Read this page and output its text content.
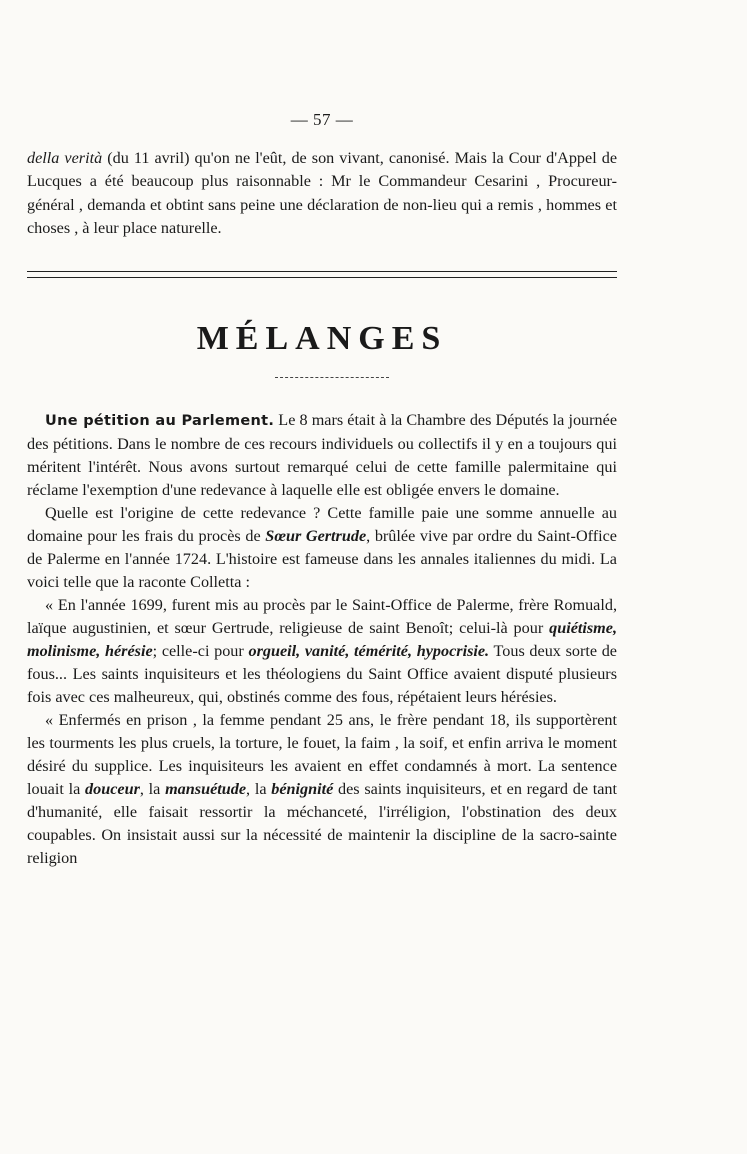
— 57 —
della verità (du 11 avril) qu'on ne l'eût, de son vivant, canonisé. Mais la Cour d'Appel de Lucques a été beaucoup plus raisonnable : Mr le Commandeur Cesarini , Procureur-général , demanda et obtint sans peine une déclaration de non-lieu qui a remis , hommes et choses , à leur place naturelle.
MÉLANGES

Une pétition au Parlement. Le 8 mars était à la Chambre des Députés la journée des pétitions. Dans le nombre de ces recours individuels ou collectifs il y en a toujours qui méritent l'intérêt. Nous avons surtout remarqué celui de cette famille palermitaine qui réclame l'exemption d'une redevance à laquelle elle est obligée envers le domaine.

Quelle est l'origine de cette redevance ? Cette famille paie une somme annuelle au domaine pour les frais du procès de Sœur Gertrude, brûlée vive par ordre du Saint-Office de Palerme en l'année 1724. L'histoire est fameuse dans les annales italiennes du midi. La voici telle que la raconte Colletta :

« En l'année 1699, furent mis au procès par le Saint-Office de Palerme, frère Romuald, laïque augustinien, et sœur Gertrude, religieuse de saint Benoît; celui-là pour quiétisme, molinisme, hérésie; celle-ci pour orgueil, vanité, témérité, hypocrisie. Tous deux sorte de fous... Les saints inquisiteurs et les théologiens du Saint Office avaient disputé plusieurs fois avec ces malheureux, qui, obstinés comme des fous, répétaient leurs hérésies.

« Enfermés en prison , la femme pendant 25 ans, le frère pendant 18, ils supportèrent les tourments les plus cruels, la torture, le fouet, la faim , la soif, et enfin arriva le moment désiré du supplice. Les inquisiteurs les avaient en effet condamnés à mort. La sentence louait la douceur, la mansuétude, la bénignité des saints inquisiteurs, et en regard de tant d'humanité, elle faisait ressortir la méchanceté, l'irréligion, l'obstination des deux coupables. On insistait aussi sur la nécessité de maintenir la discipline de la sacro-sainte religion
